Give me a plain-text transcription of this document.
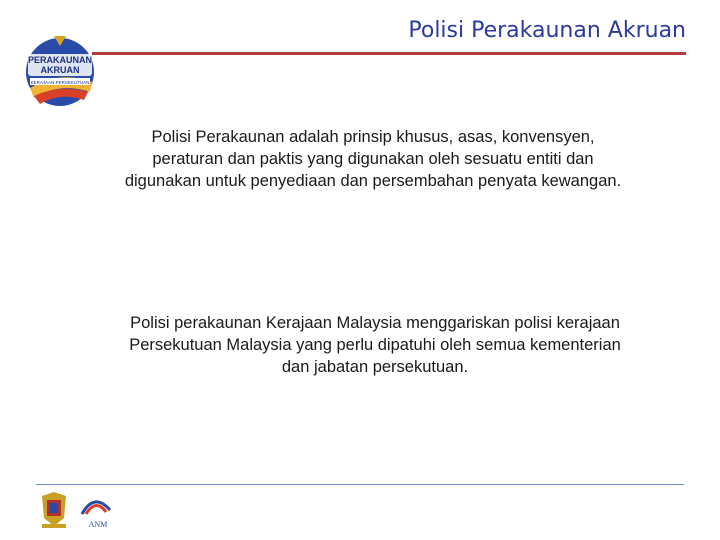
Polisi Perakaunan Akruan
PERAKAUNAN
AKRUAN
KERAJAAN PERSEKUTUAN
Polisi Perakaunan adalah prinsip khusus, asas, konvensyen, peraturan dan paktis yang digunakan oleh sesuatu entiti dan digunakan untuk penyediaan dan persembahan penyata kewangan.
Polisi perakaunan Kerajaan Malaysia menggariskan polisi kerajaan Persekutuan Malaysia yang perlu dipatuhi oleh semua kementerian dan jabatan persekutuan.
ANM
